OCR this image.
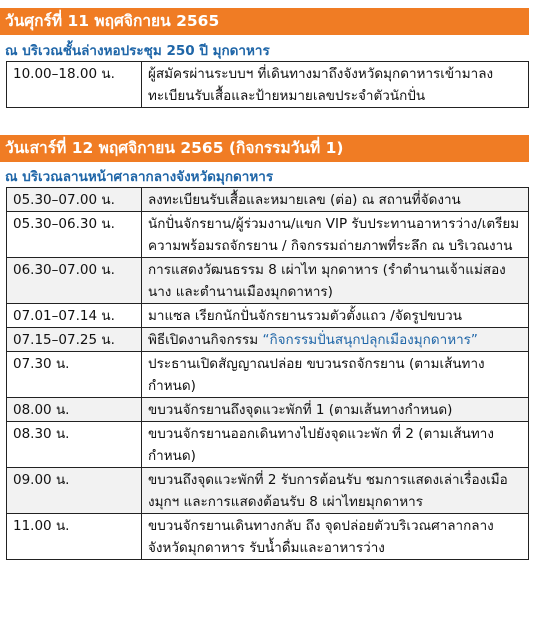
วันศุกร์ที่ 11 พฤศจิกายน 2565
ณ บริเวณชั้นล่างหอประชุม 250 ปี มุกดาหาร
10.00–18.00 น.	ผู้สมัครผ่านระบบฯ ที่เดินทางมาถึงจังหวัดมุกดาหารเข้ามาลงทะเบียนรับเสื้อและป้ายหมายเลขประจำตัวนักปั่น
วันเสาร์ที่ 12 พฤศจิกายน 2565 (กิจกรรมวันที่ 1)
ณ บริเวณลานหน้าศาลากลางจังหวัดมุกดาหาร
05.30–07.00 น.	ลงทะเบียนรับเสื้อและหมายเลข (ต่อ) ณ สถานที่จัดงาน
05.30–06.30 น.	นักปั่นจักรยาน/ผู้ร่วมงาน/แขก VIP รับประทานอาหารว่าง/เตรียมความพร้อมรถจักรยาน / กิจกรรมถ่ายภาพที่ระลึก ณ บริเวณงาน
06.30–07.00 น.	การแสดงวัฒนธรรม 8 เผ่าไท มุกดาหาร (รำตำนานเจ้าแม่สองนาง และตำนานเมืองมุกดาหาร)
07.01–07.14 น.	มาแซล เรียกนักปั่นจักรยานรวมตัวตั้งแถว /จัดรูปขบวน
07.15–07.25 น.	พิธีเปิดงานกิจกรรม “กิจกรรมปั่นสนุกปลุกเมืองมุกดาหาร”
07.30 น.	ประธานเปิดสัญญาณปล่อย ขบวนรถจักรยาน (ตามเส้นทางกำหนด)
08.00 น.	ขบวนจักรยานถึงจุดแวะพักที่ 1 (ตามเส้นทางกำหนด)
08.30 น.	ขบวนจักรยานออกเดินทางไปยังจุดแวะพัก ที่ 2 (ตามเส้นทางกำหนด)
09.00 น.	ขบวนถึงจุดแวะพักที่ 2 รับการต้อนรับ ชมการแสดงเล่าเรื่องเมืองมุกฯ และการแสดงต้อนรับ 8 เผ่าไทยมุกดาหาร
11.00 น.	ขบวนจักรยานเดินทางกลับ ถึง จุดปล่อยตัวบริเวณศาลากลาง จังหวัดมุกดาหาร รับน้ำดื่มและอาหารว่าง
